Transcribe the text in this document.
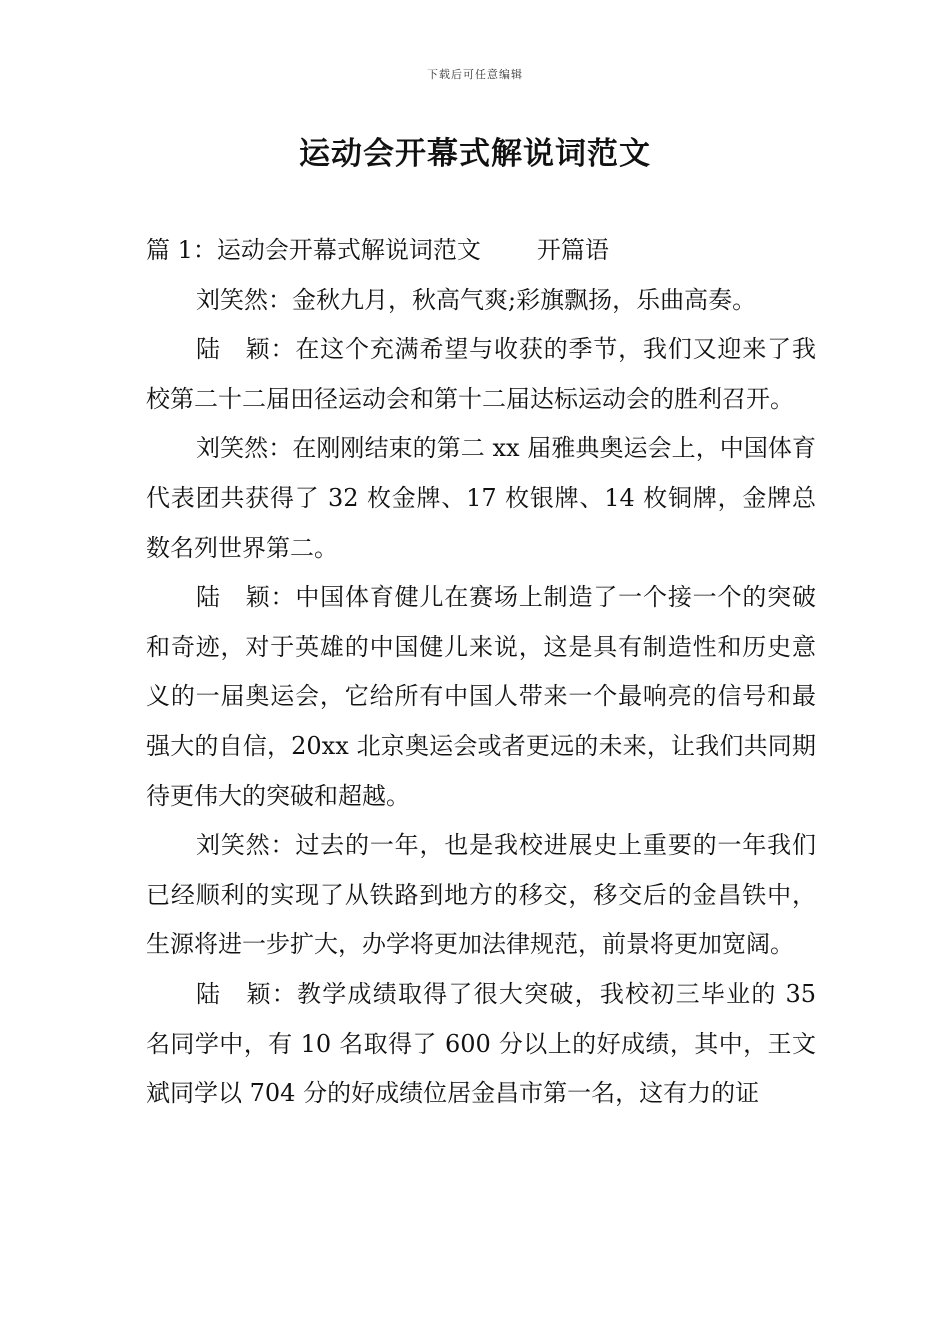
下载后可任意编辑
运动会开幕式解说词范文

篇 1：运动会开幕式解说词范文 开篇语

刘笑然：金秋九月，秋高气爽;彩旗飘扬，乐曲高奏。

陆　颖：在这个充满希望与收获的季节，我们又迎来了我校第二十二届田径运动会和第十二届达标运动会的胜利召开。

刘笑然：在刚刚结束的第二 xx 届雅典奥运会上，中国体育代表团共获得了 32 枚金牌、17 枚银牌、14 枚铜牌，金牌总数名列世界第二。

陆　颖：中国体育健儿在赛场上制造了一个接一个的突破和奇迹，对于英雄的中国健儿来说，这是具有制造性和历史意义的一届奥运会，它给所有中国人带来一个最响亮的信号和最强大的自信，20xx 北京奥运会或者更远的未来，让我们共同期待更伟大的突破和超越。

刘笑然：过去的一年，也是我校进展史上重要的一年我们已经顺利的实现了从铁路到地方的移交，移交后的金昌铁中，生源将进一步扩大，办学将更加法律规范，前景将更加宽阔。

陆　颖：教学成绩取得了很大突破，我校初三毕业的 35 名同学中，有 10 名取得了 600 分以上的好成绩，其中，王文斌同学以 704 分的好成绩位居金昌市第一名，这有力的证
